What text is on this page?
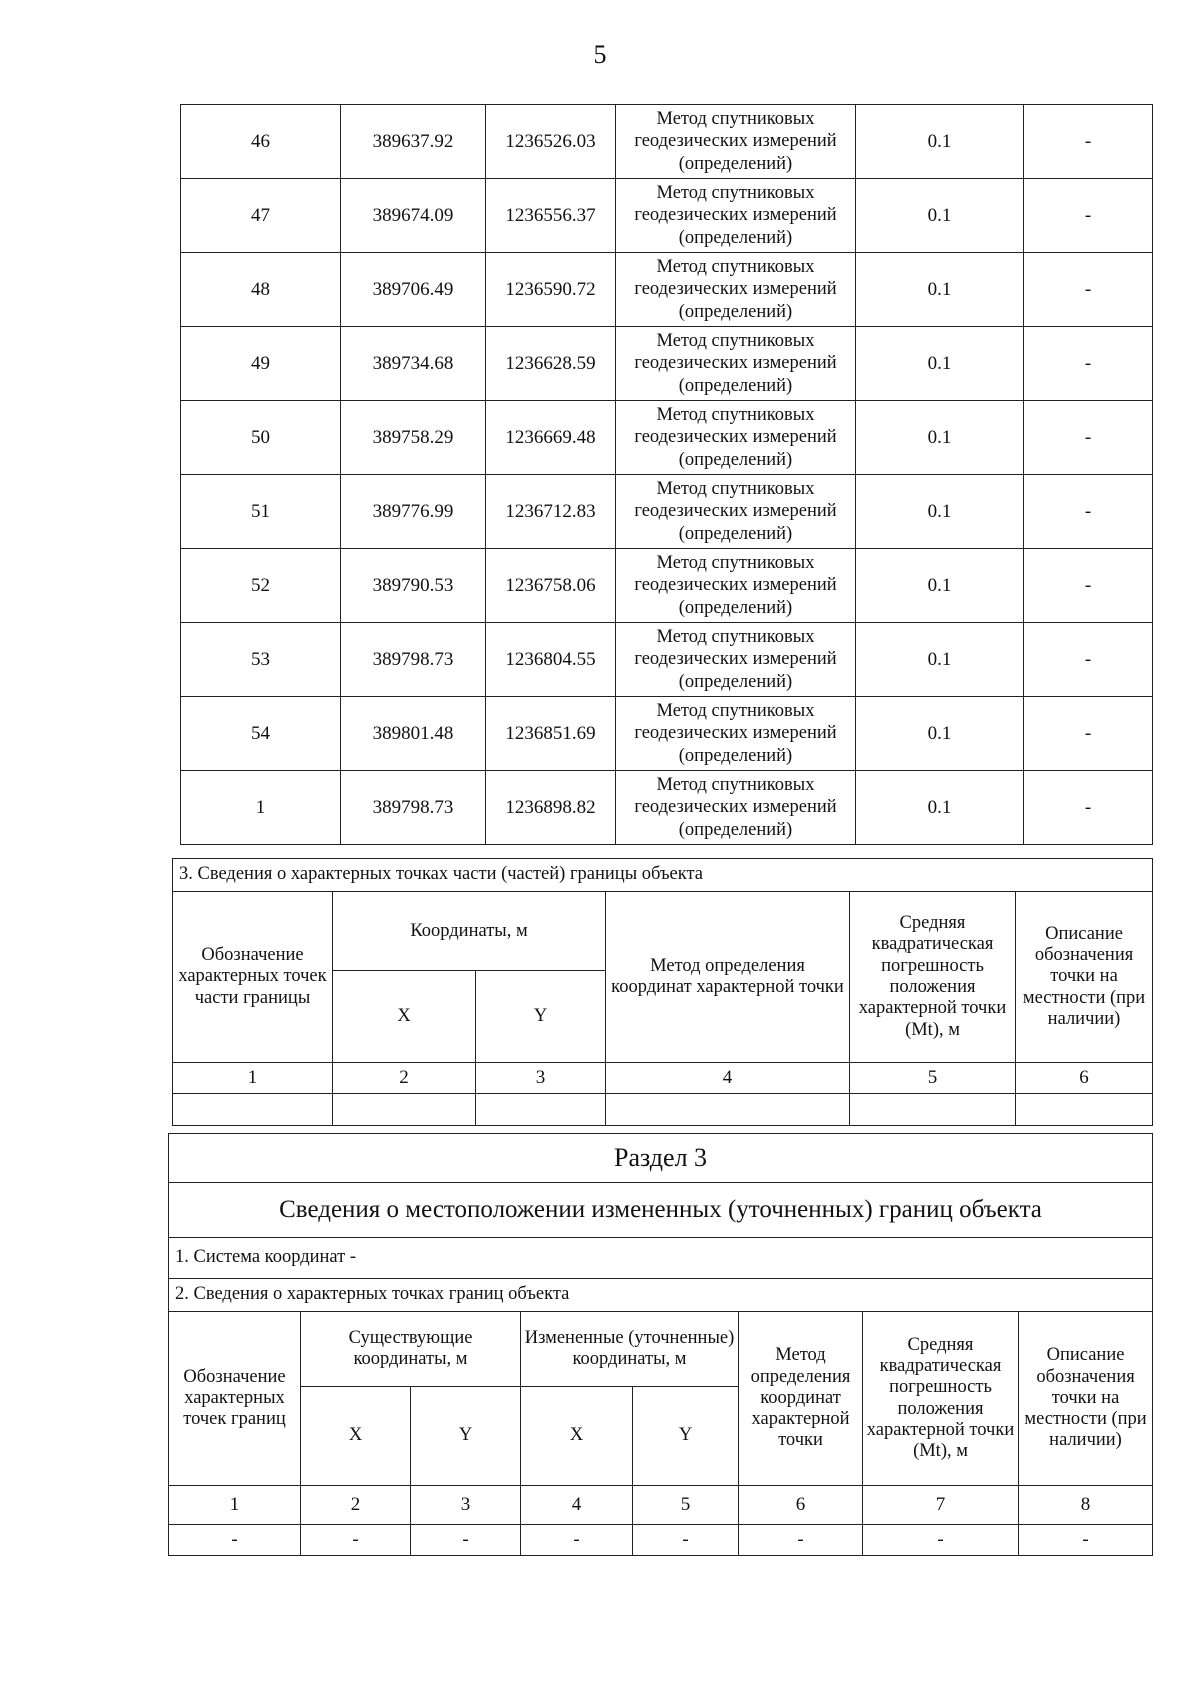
5
46	389637.92	1236526.03	Метод спутниковых геодезических измерений (определений)	0.1	-
47	389674.09	1236556.37	Метод спутниковых геодезических измерений (определений)	0.1	-
48	389706.49	1236590.72	Метод спутниковых геодезических измерений (определений)	0.1	-
49	389734.68	1236628.59	Метод спутниковых геодезических измерений (определений)	0.1	-
50	389758.29	1236669.48	Метод спутниковых геодезических измерений (определений)	0.1	-
51	389776.99	1236712.83	Метод спутниковых геодезических измерений (определений)	0.1	-
52	389790.53	1236758.06	Метод спутниковых геодезических измерений (определений)	0.1	-
53	389798.73	1236804.55	Метод спутниковых геодезических измерений (определений)	0.1	-
54	389801.48	1236851.69	Метод спутниковых геодезических измерений (определений)	0.1	-
1	389798.73	1236898.82	Метод спутниковых геодезических измерений (определений)	0.1	-
3. Сведения о характерных точках части (частей) границы объекта					
Обозначение характерных точек части границы	Координаты, м		Метод определения координат характерной точки	Средняя квадратическая погрешность положения характерной точки (Mt), м	Описание обозначения точки на местности (при наличии)
	X	Y			
1	2	3	4	5	6

Раздел 3							
Сведения о местоположении измененных (уточненных) границ объекта							
1. Система координат -							
2. Сведения о характерных точках границ объекта							
Обозначение характерных точек границ	Существующие координаты, м		Измененные (уточненные) координаты, м		Метод определения координат характерной точки	Средняя квадратическая погрешность положения характерной точки (Mt), м	Описание обозначения точки на местности (при наличии)
	X	Y	X	Y			
1	2	3	4	5	6	7	8
-	-	-	-	-	-	-	-
